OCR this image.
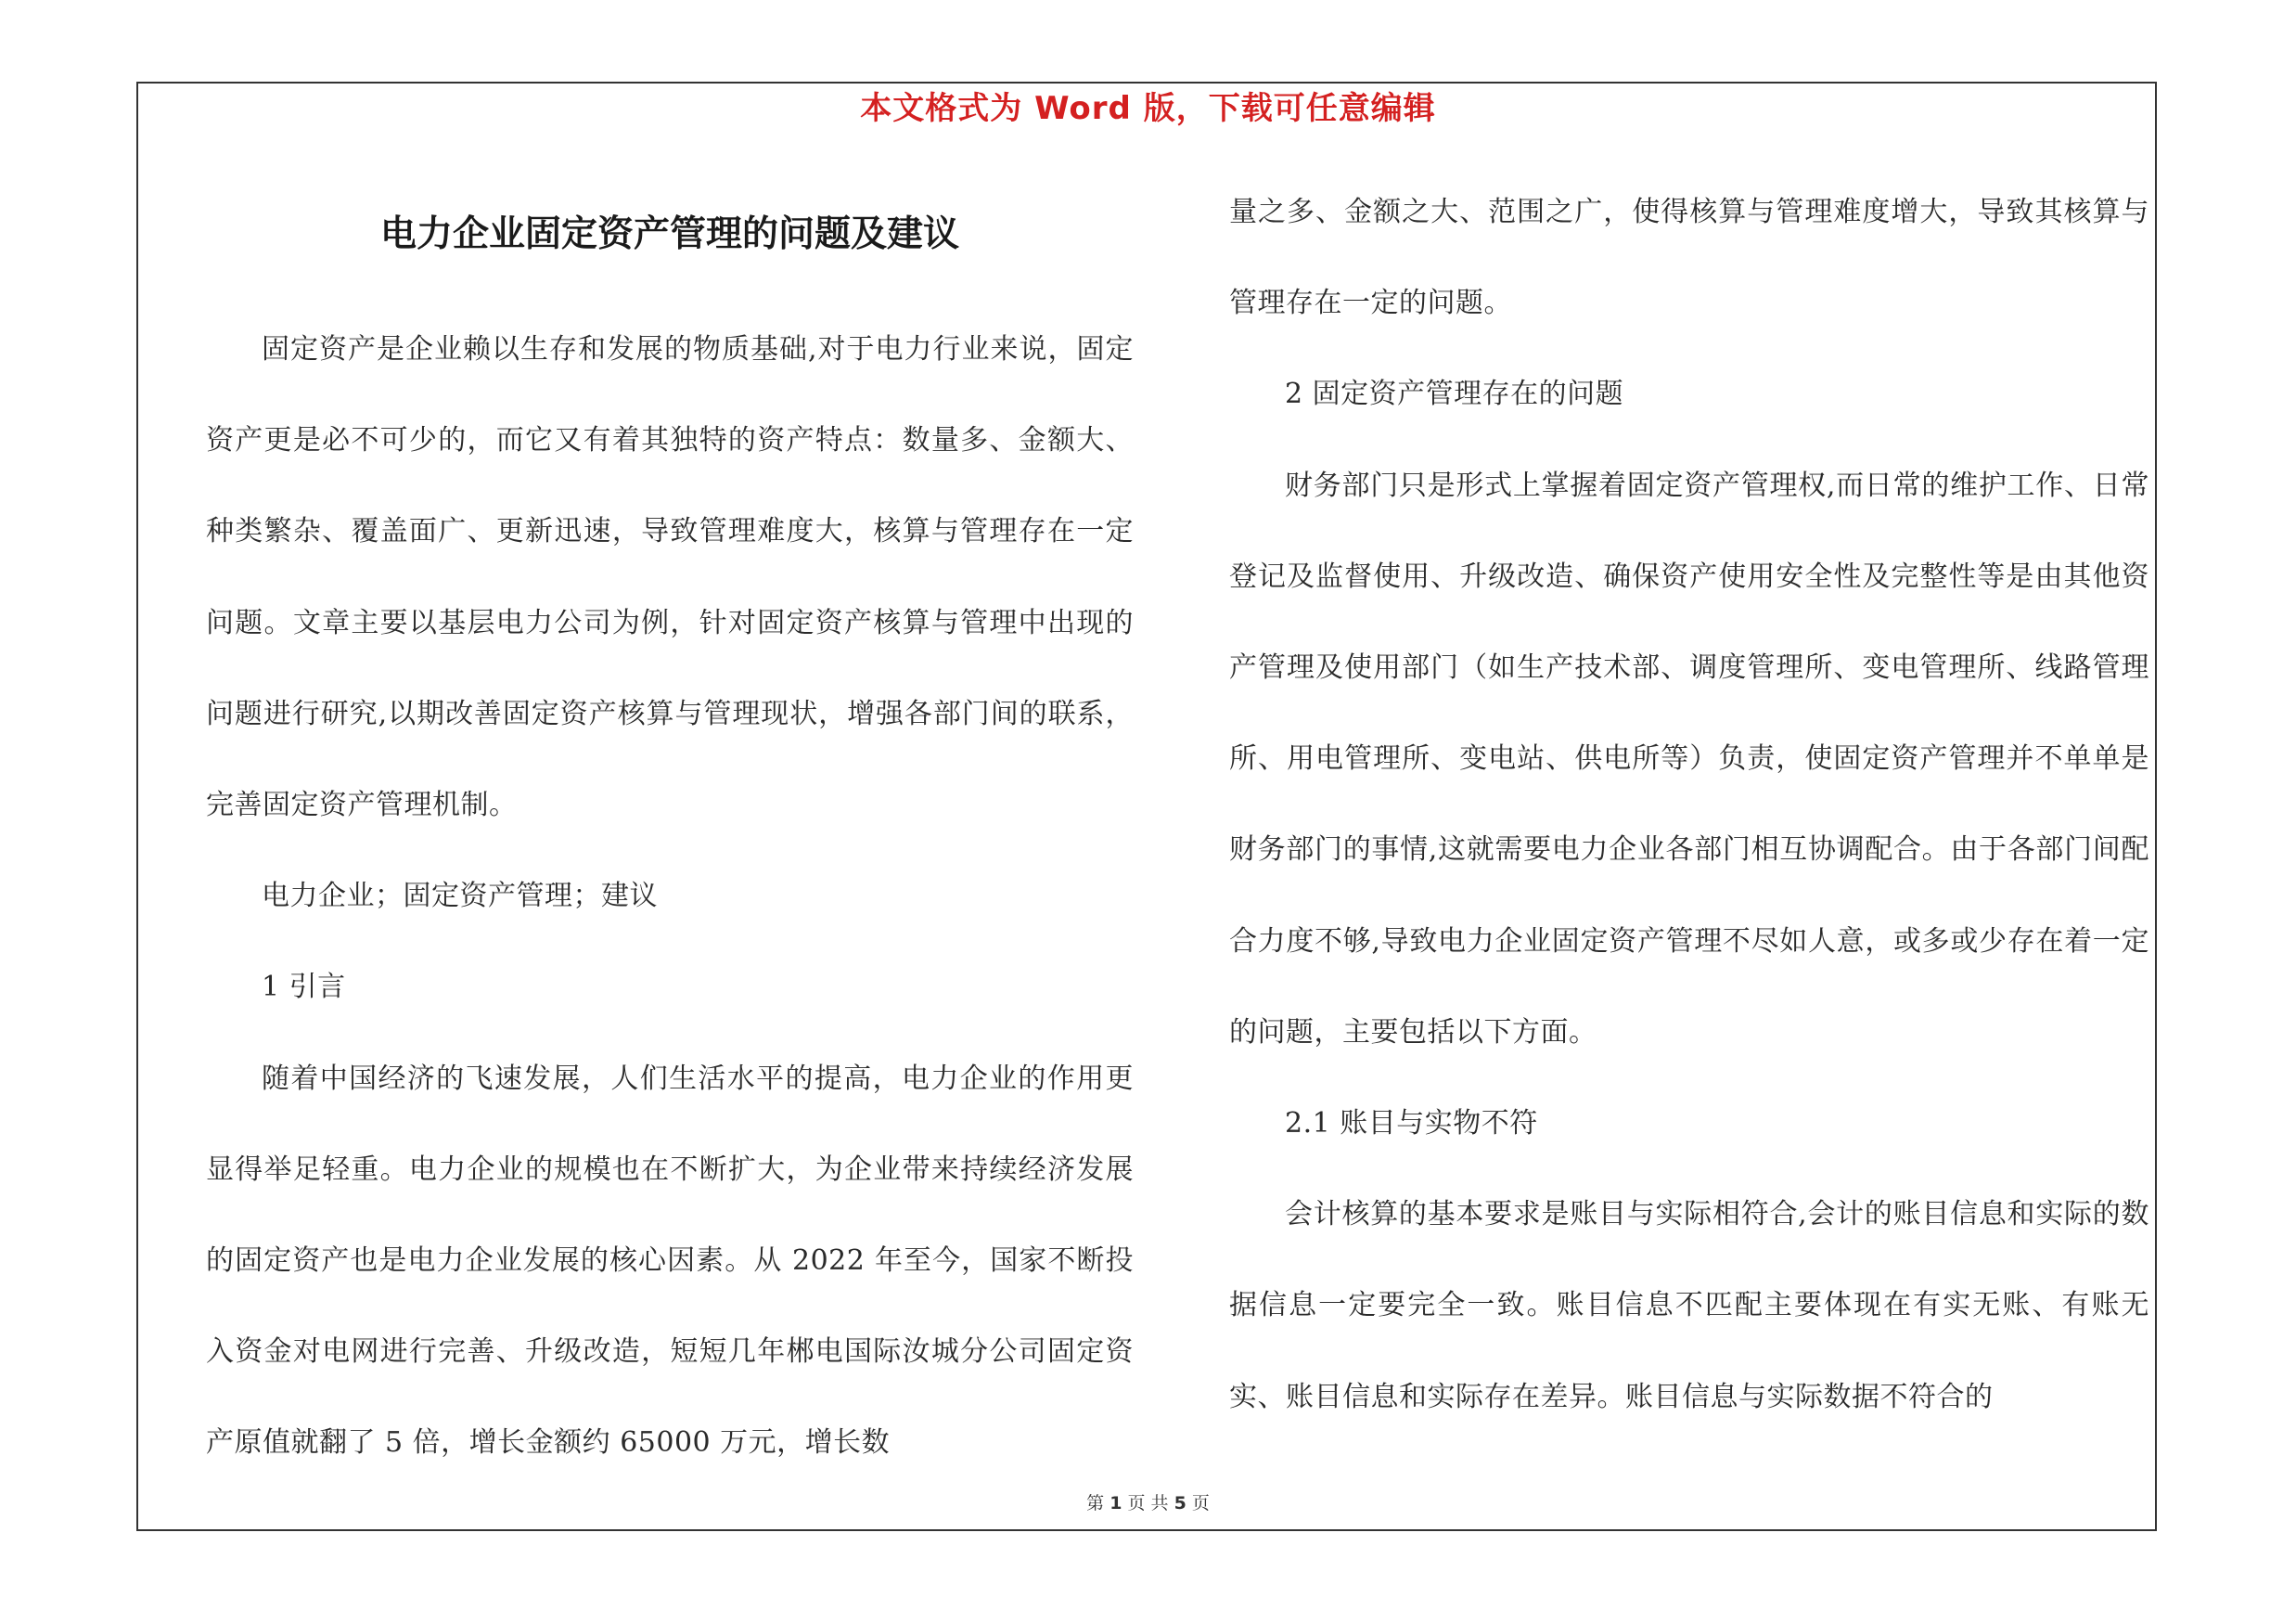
本文格式为 Word 版，下载可任意编辑
电力企业固定资产管理的问题及建议

固定资产是企业赖以生存和发展的物质基础,对于电力行业来说，固定资产更是必不可少的，而它又有着其独特的资产特点：数量多、金额大、种类繁杂、覆盖面广、更新迅速，导致管理难度大，核算与管理存在一定问题。文章主要以基层电力公司为例，针对固定资产核算与管理中出现的问题进行研究,以期改善固定资产核算与管理现状，增强各部门间的联系，完善固定资产管理机制。

电力企业；固定资产管理；建议

1 引言

随着中国经济的飞速发展，人们生活水平的提高，电力企业的作用更显得举足轻重。电力企业的规模也在不断扩大，为企业带来持续经济发展的固定资产也是电力企业发展的核心因素。从 2022 年至今，国家不断投入资金对电网进行完善、升级改造，短短几年郴电国际汝城分公司固定资产原值就翻了 5 倍，增长金额约 65000 万元，增长数

量之多、金额之大、范围之广，使得核算与管理难度增大，导致其核算与管理存在一定的问题。

2 固定资产管理存在的问题

财务部门只是形式上掌握着固定资产管理权,而日常的维护工作、日常登记及监督使用、升级改造、确保资产使用安全性及完整性等是由其他资产管理及使用部门（如生产技术部、调度管理所、变电管理所、线路管理所、用电管理所、变电站、供电所等）负责，使固定资产管理并不单单是财务部门的事情,这就需要电力企业各部门相互协调配合。由于各部门间配合力度不够,导致电力企业固定资产管理不尽如人意，或多或少存在着一定的问题，主要包括以下方面。

2.1 账目与实物不符

会计核算的基本要求是账目与实际相符合,会计的账目信息和实际的数据信息一定要完全一致。账目信息不匹配主要体现在有实无账、有账无实、账目信息和实际存在差异。账目信息与实际数据不符合的

第 1 页 共 5 页
